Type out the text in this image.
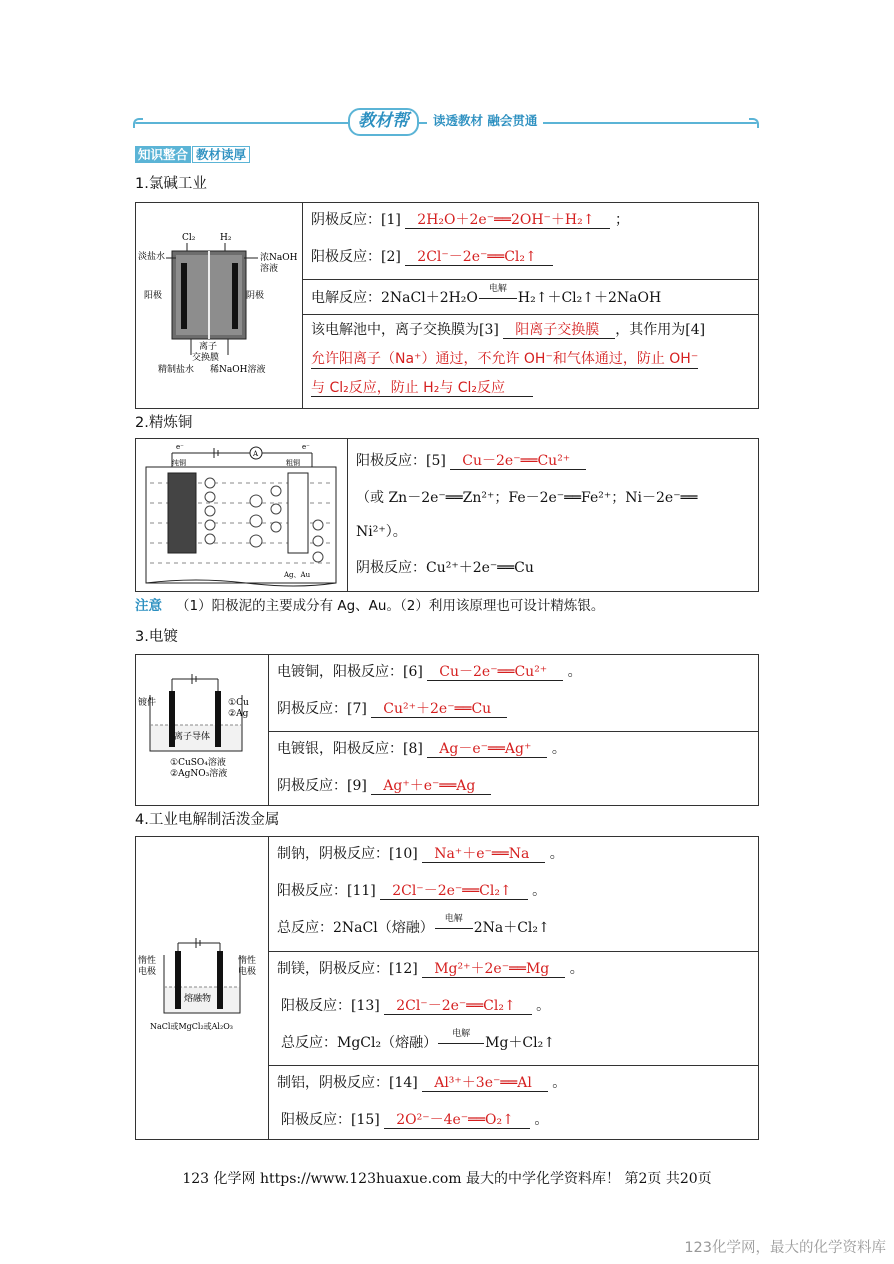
教材帮	读透教材 融会贯通
知识整合 教材读厚
1.氯碱工业
Cl₂	H₂
淡盐水	浓NaOH
溶液
阳极	阴极
离子
交换膜
精制盐水 稀NaOH溶液
阴极反应：[1] 2H₂O＋2e⁻══2OH⁻＋H₂↑ ；
阳极反应：[2] 2Cl⁻－2e⁻══Cl₂↑
电解反应：2NaCl＋2H₂O
电解
H₂↑＋Cl₂↑＋2NaOH
该电解池中，离子交换膜为[3] 阳离子交换膜 ，其作用为[4]
允许阳离子（Na⁺）通过，不允许 OH⁻和气体通过，防止 OH⁻
与 Cl₂反应，防止 H₂与 Cl₂反应
2.精炼铜
A
e⁻	e⁻
纯铜	粗铜
Ag、Au
阳极反应：[5] Cu－2e⁻══Cu²⁺
（或 Zn－2e⁻══Zn²⁺；Fe－2e⁻══Fe²⁺；Ni－2e⁻══
Ni²⁺）。
阴极反应：Cu²⁺＋2e⁻══Cu
注意 （1）阳极泥的主要成分有 Ag、Au。（2）利用该原理也可设计精炼银。
3.电镀
镀件	①Cu
②Ag
离子导体
①CuSO₄溶液
②AgNO₃溶液
电镀铜，阳极反应：[6] Cu－2e⁻══Cu²⁺ 。
阴极反应：[7] Cu²⁺＋2e⁻══Cu
电镀银，阳极反应：[8] Ag－e⁻══Ag⁺ 。
阴极反应：[9] Ag⁺＋e⁻══Ag
4.工业电解制活泼金属
惰性
电极
惰性
电极
熔融物
NaCl或MgCl₂或Al₂O₃
制钠，阴极反应：[10] Na⁺＋e⁻══Na 。
阳极反应：[11] 2Cl⁻－2e⁻══Cl₂↑ 。
总反应：2NaCl（熔融）
电解
2Na＋Cl₂↑
制镁，阴极反应：[12] Mg²⁺＋2e⁻══Mg 。
阳极反应：[13] 2Cl⁻－2e⁻══Cl₂↑ 。
总反应：MgCl₂（熔融）
电解
Mg＋Cl₂↑
制铝，阴极反应：[14] Al³⁺＋3e⁻══Al 。
阳极反应：[15] 2O²⁻－4e⁻══O₂↑ 。
123 化学网 https://www.123huaxue.com 最大的中学化学资料库！ 第2页 共20页
123化学网，最大的化学资料库
